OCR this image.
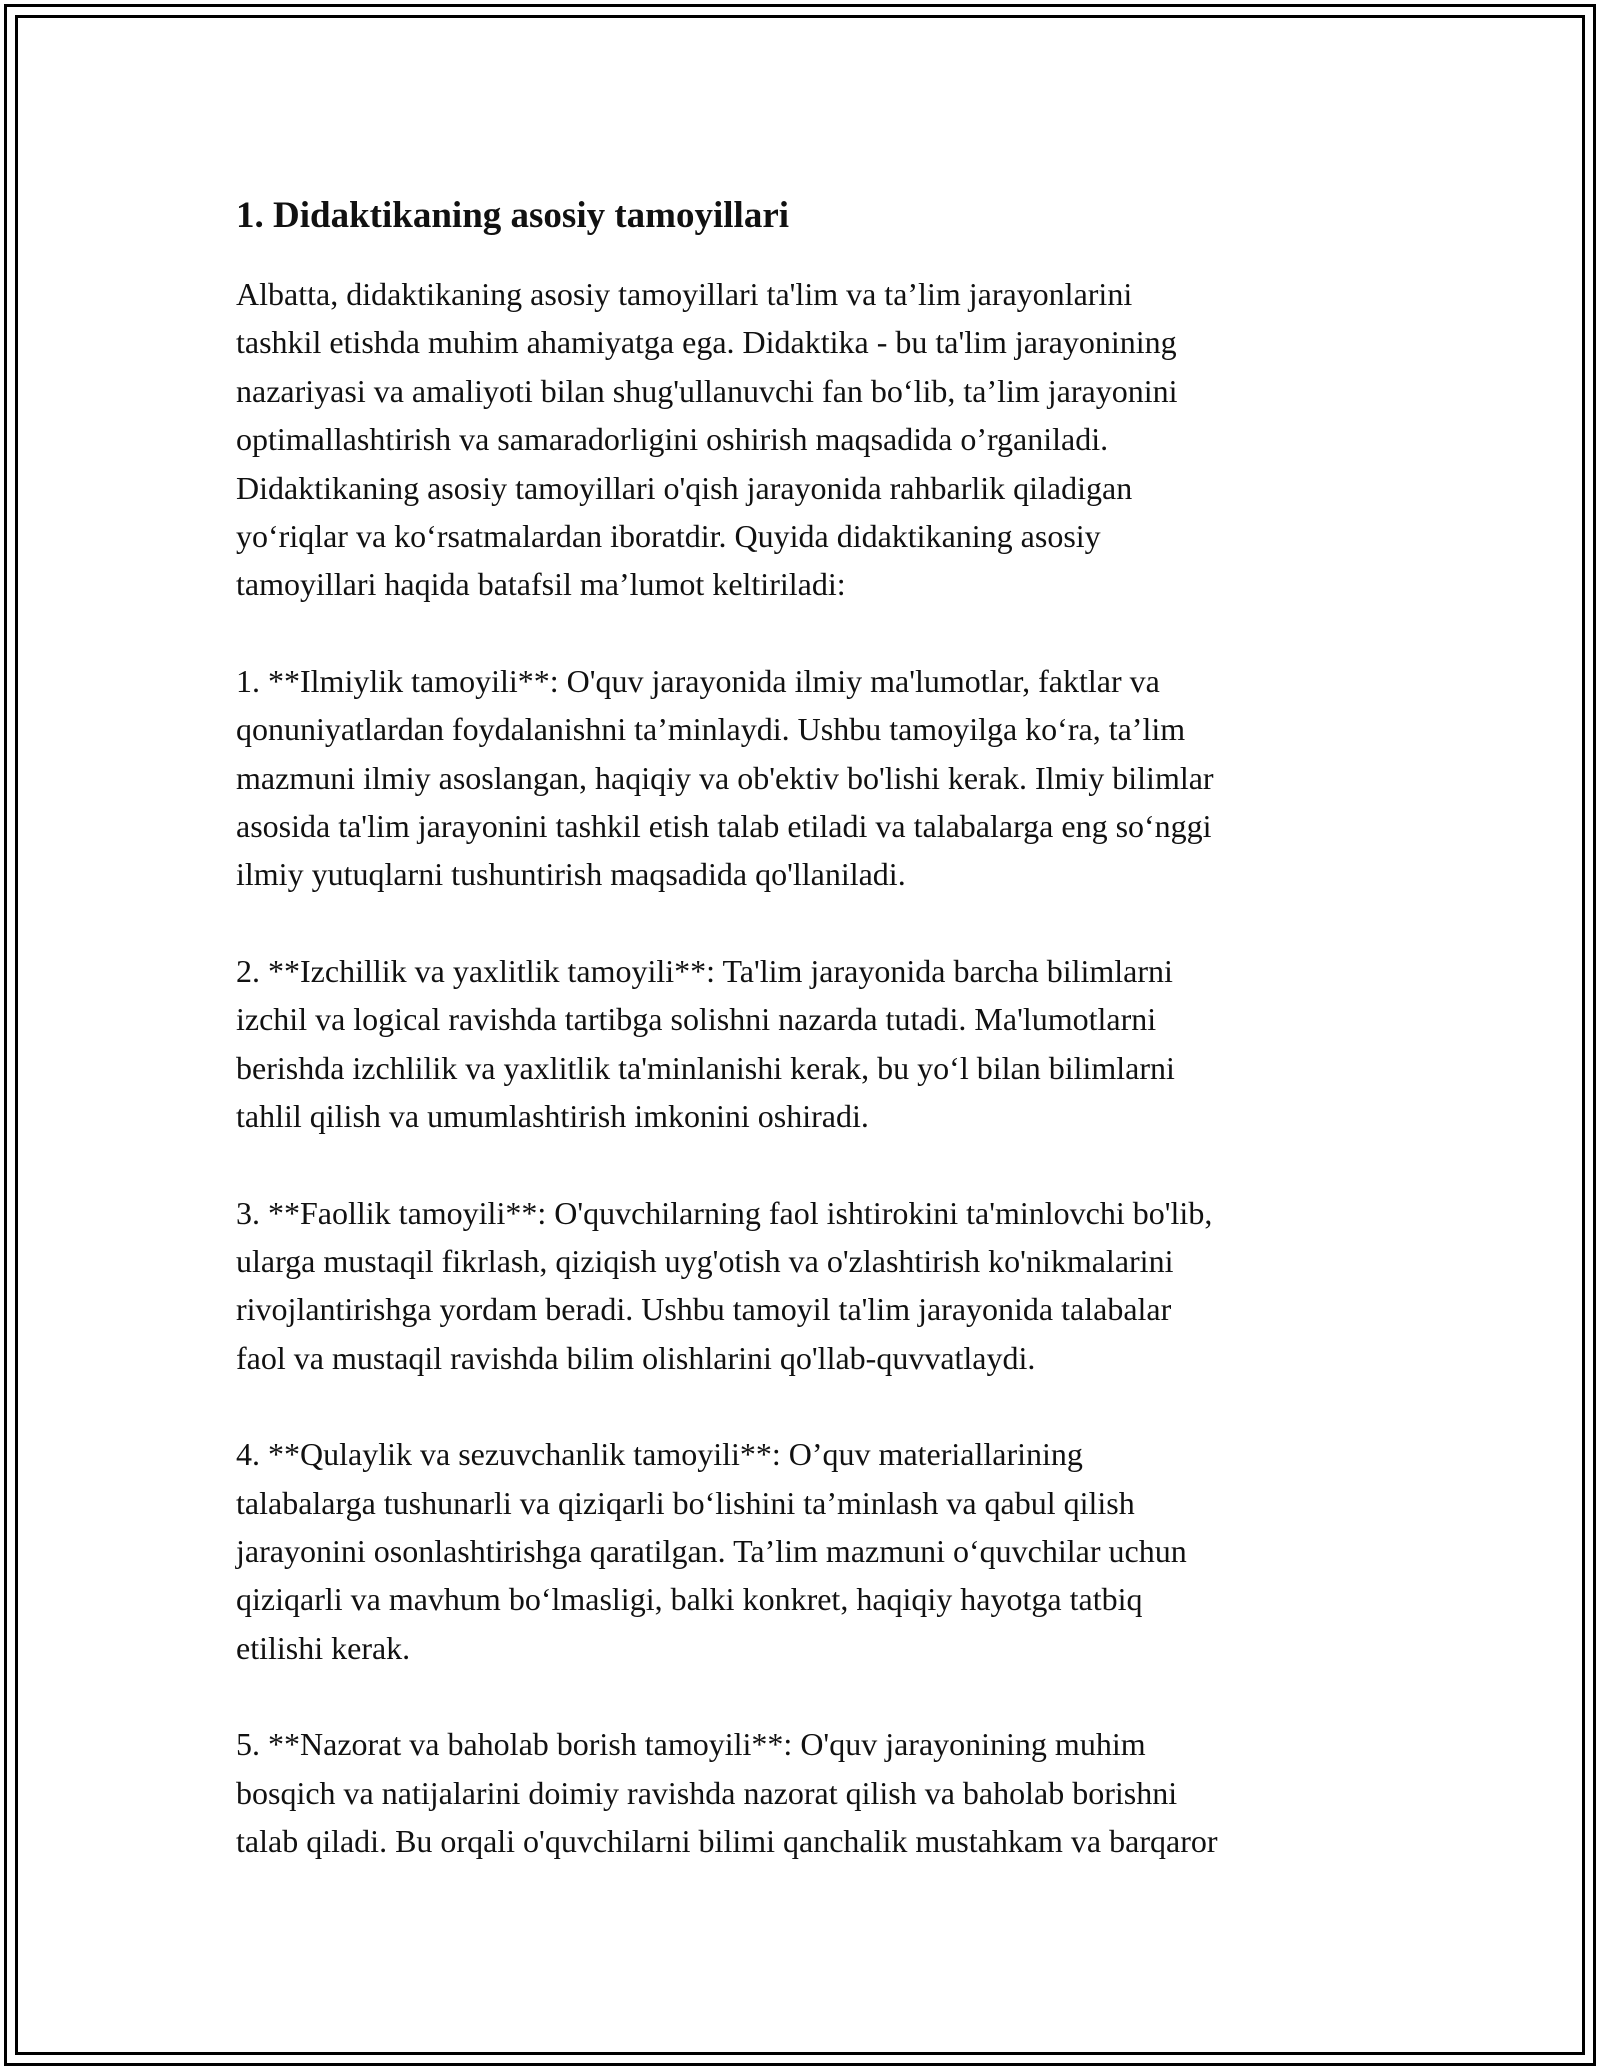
1. Didaktikaning asosiy tamoyillari

Albatta, didaktikaning asosiy tamoyillari ta'lim va ta’lim jarayonlarini
tashkil etishda muhim ahamiyatga ega. Didaktika - bu ta'lim jarayonining
nazariyasi va amaliyoti bilan shug'ullanuvchi fan bo‘lib, ta’lim jarayonini
optimallashtirish va samaradorligini oshirish maqsadida o’rganiladi.
Didaktikaning asosiy tamoyillari o'qish jarayonida rahbarlik qiladigan
yo‘riqlar va ko‘rsatmalardan iboratdir. Quyida didaktikaning asosiy
tamoyillari haqida batafsil ma’lumot keltiriladi:

1. **Ilmiylik tamoyili**: O'quv jarayonida ilmiy ma'lumotlar, faktlar va
qonuniyatlardan foydalanishni ta’minlaydi. Ushbu tamoyilga ko‘ra, ta’lim
mazmuni ilmiy asoslangan, haqiqiy va ob'ektiv bo'lishi kerak. Ilmiy bilimlar
asosida ta'lim jarayonini tashkil etish talab etiladi va talabalarga eng so‘nggi
ilmiy yutuqlarni tushuntirish maqsadida qo'llaniladi.

2. **Izchillik va yaxlitlik tamoyili**: Ta'lim jarayonida barcha bilimlarni
izchil va logical ravishda tartibga solishni nazarda tutadi. Ma'lumotlarni
berishda izchlilik va yaxlitlik ta'minlanishi kerak, bu yo‘l bilan bilimlarni
tahlil qilish va umumlashtirish imkonini oshiradi.

3. **Faollik tamoyili**: O'quvchilarning faol ishtirokini ta'minlovchi bo'lib,
ularga mustaqil fikrlash, qiziqish uyg'otish va o'zlashtirish ko'nikmalarini
rivojlantirishga yordam beradi. Ushbu tamoyil ta'lim jarayonida talabalar
faol va mustaqil ravishda bilim olishlarini qo'llab-quvvatlaydi.

4. **Qulaylik va sezuvchanlik tamoyili**: O’quv materiallarining
talabalarga tushunarli va qiziqarli bo‘lishini ta’minlash va qabul qilish
jarayonini osonlashtirishga qaratilgan. Ta’lim mazmuni o‘quvchilar uchun
qiziqarli va mavhum bo‘lmasligi, balki konkret, haqiqiy hayotga tatbiq
etilishi kerak.

5. **Nazorat va baholab borish tamoyili**: O'quv jarayonining muhim
bosqich va natijalarini doimiy ravishda nazorat qilish va baholab borishni
talab qiladi. Bu orqali o'quvchilarni bilimi qanchalik mustahkam va barqaror
